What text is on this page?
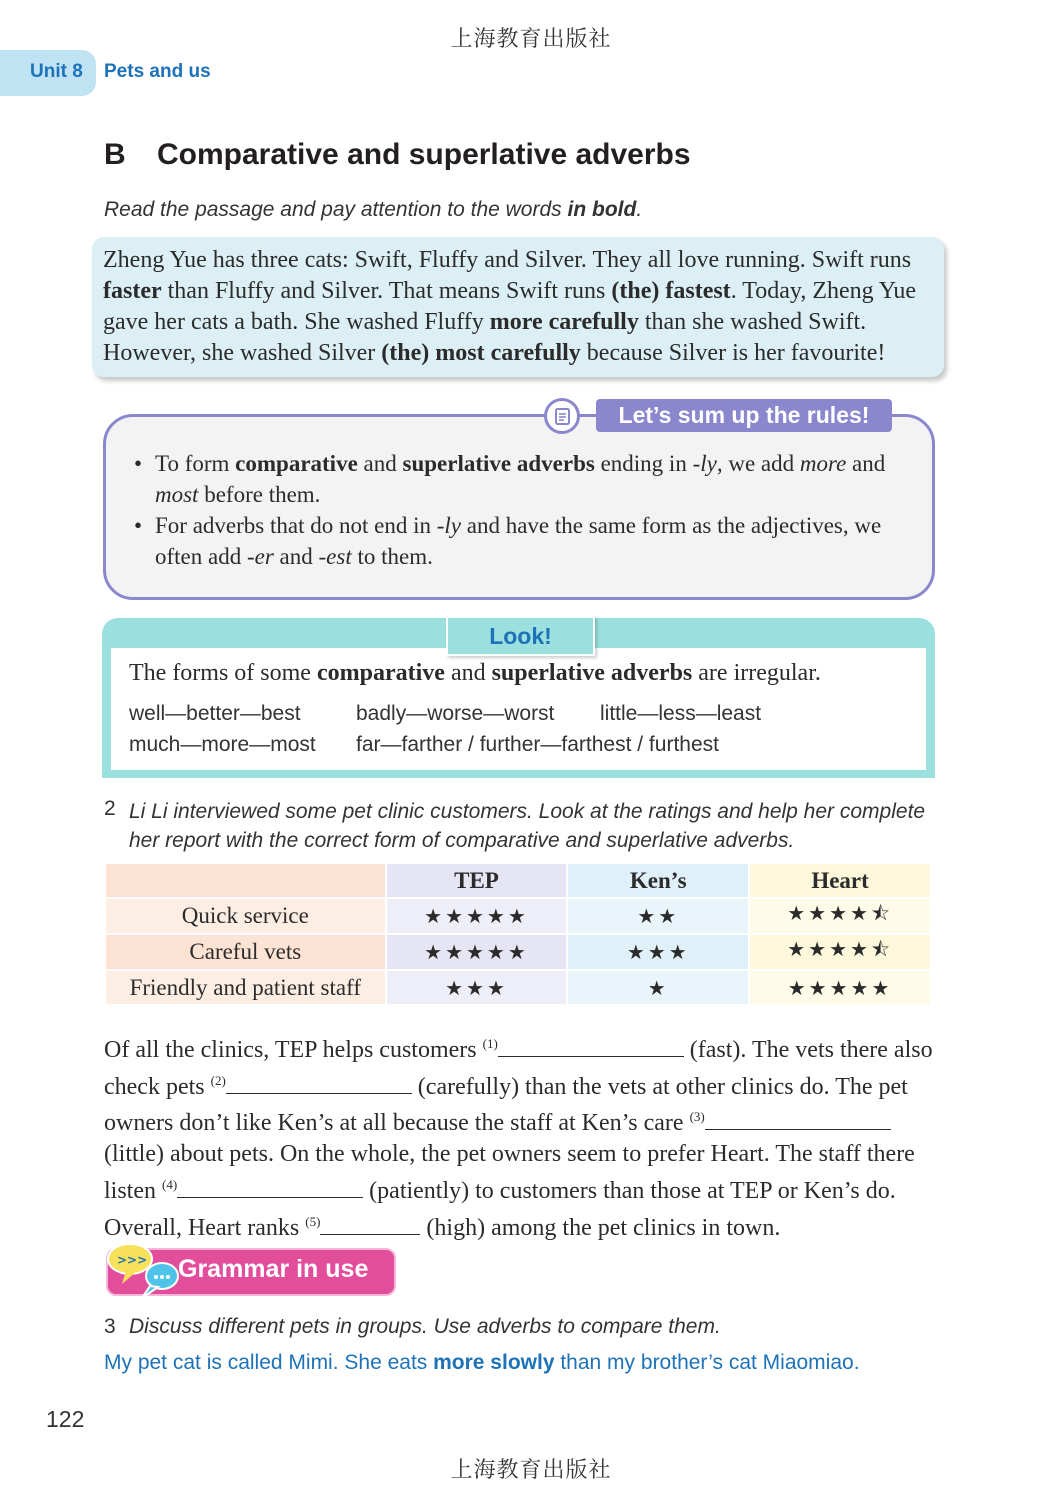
上海教育出版社
Unit 8 Pets and us
B Comparative and superlative adverbs
Read the passage and pay attention to the words in bold.
Zheng Yue has three cats: Swift, Fluffy and Silver. They all love running. Swift runs faster than Fluffy and Silver. That means Swift runs (the) fastest. Today, Zheng Yue gave her cats a bath. She washed Fluffy more carefully than she washed Swift. However, she washed Silver (the) most carefully because Silver is her favourite!
Let’s sum up the rules!
• To form comparative and superlative adverbs ending in -ly, we add more and most before them.
• For adverbs that do not end in -ly and have the same form as the adjectives, we often add -er and -est to them.
Look!
The forms of some comparative and superlative adverbs are irregular.
well—better—best	badly—worse—worst little—less—least
much—more—most far—farther / further—farthest / furthest
2 Li Li interviewed some pet clinic customers. Look at the ratings and help her complete her report with the correct form of comparative and superlative adverbs.
	TEP	Ken’s	Heart
Quick service	★★★★★	★★	★★★★⯪
Careful vets	★★★★★	★★★	★★★★⯪
Friendly and patient staff	★★★	★	★★★★★
Of all the clinics, TEP helps customers $^{(1)}$	(fast). The vets there also check pets $^{(2)}$	(carefully) than the vets at other clinics do. The pet owners don’t like Ken’s at all because the staff at Ken’s care $^{(3)}$ (little) about pets. On the whole, the pet owners seem to prefer Heart. The staff there listen $^{(4)}$	(patiently) to customers than those at TEP or Ken’s do. Overall, Heart ranks $^{(5)}$	(high) among the pet clinics in town.
>>> Grammar in use
3 Discuss different pets in groups. Use adverbs to compare them.
My pet cat is called Mimi. She eats more slowly than my brother’s cat Miaomiao.
122
上海教育出版社
